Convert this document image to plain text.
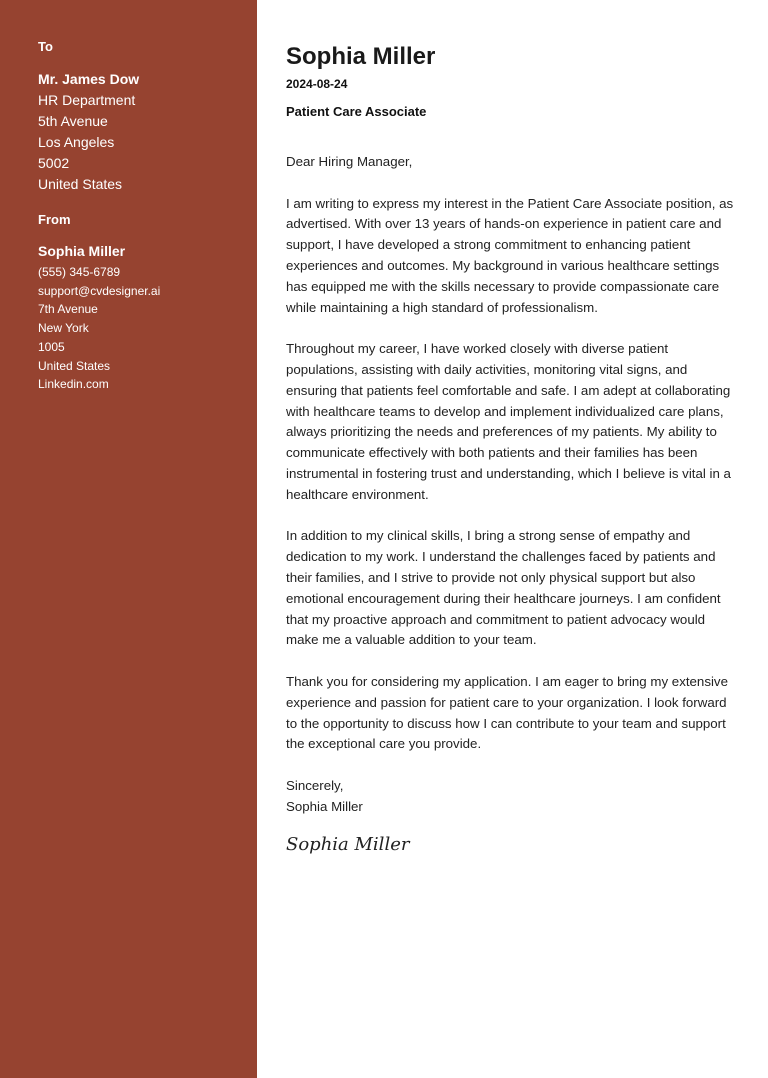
To
Mr. James Dow
HR Department
5th Avenue
Los Angeles
5002
United States
From
Sophia Miller
(555) 345-6789
support@cvdesigner.ai
7th Avenue
New York
1005
United States
Linkedin.com
Sophia Miller
2024-08-24
Patient Care Associate
Dear Hiring Manager,

I am writing to express my interest in the Patient Care Associate position, as advertised. With over 13 years of hands-on experience in patient care and support, I have developed a strong commitment to enhancing patient experiences and outcomes. My background in various healthcare settings has equipped me with the skills necessary to provide compassionate care while maintaining a high standard of professionalism.

Throughout my career, I have worked closely with diverse patient populations, assisting with daily activities, monitoring vital signs, and ensuring that patients feel comfortable and safe. I am adept at collaborating with healthcare teams to develop and implement individualized care plans, always prioritizing the needs and preferences of my patients. My ability to communicate effectively with both patients and their families has been instrumental in fostering trust and understanding, which I believe is vital in a healthcare environment.

In addition to my clinical skills, I bring a strong sense of empathy and dedication to my work. I understand the challenges faced by patients and their families, and I strive to provide not only physical support but also emotional encouragement during their healthcare journeys. I am confident that my proactive approach and commitment to patient advocacy would make me a valuable addition to your team.

Thank you for considering my application. I am eager to bring my extensive experience and passion for patient care to your organization. I look forward to the opportunity to discuss how I can contribute to your team and support the exceptional care you provide.

Sincerely,
Sophia Miller
Sophia Miller
